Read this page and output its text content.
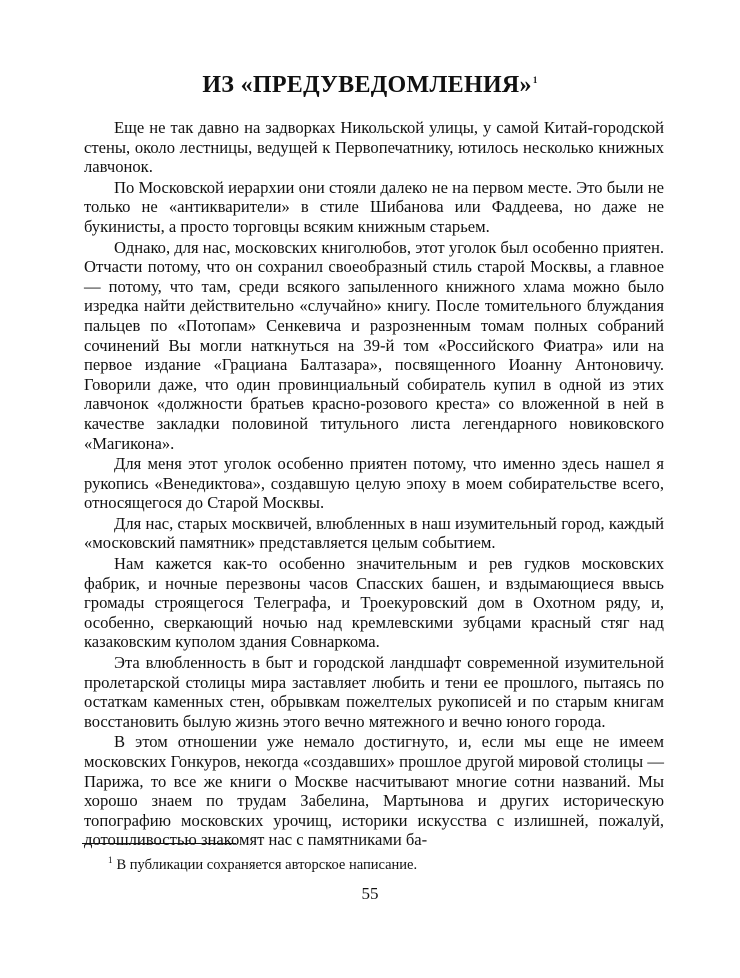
ИЗ «ПРЕДУВЕДОМЛЕНИЯ»$^1$

Еще не так давно на задворках Никольской улицы, у самой Китай-городской стены, около лестницы, ведущей к Первопечатнику, ютилось несколько книжных лавчонок.

По Московской иерархии они стояли далеко не на первом месте. Это были не только не «антикварители» в стиле Шибанова или Фаддеева, но даже не букинисты, а просто торговцы всяким книжным старьем.

Однако, для нас, московских книголюбов, этот уголок был особенно приятен. Отчасти потому, что он сохранил своеобразный стиль старой Москвы, а главное — потому, что там, среди всякого запыленного книжного хлама можно было изредка найти действительно «случайно» книгу. После томительного блуждания пальцев по «Потопам» Сенкевича и разрозненным томам полных собраний сочинений Вы могли наткнуться на 39-й том «Российского Фиатра» или на первое издание «Грациана Балтазара», посвященного Иоанну Антоновичу. Говорили даже, что один провинциальный собиратель купил в одной из этих лавчонок «должности братьев красно-розового креста» со вложенной в ней в качестве закладки половиной титульного листа легендарного новиковского «Магикона».

Для меня этот уголок особенно приятен потому, что именно здесь нашел я рукопись «Венедиктова», создавшую целую эпоху в моем собирательстве всего, относящегося до Старой Москвы.

Для нас, старых москвичей, влюбленных в наш изумительный город, каждый «московский памятник» представляется целым событием.

Нам кажется как-то особенно значительным и рев гудков московских фабрик, и ночные перезвоны часов Спасских башен, и вздымающиеся ввысь громады строящегося Телеграфа, и Троекуровский дом в Охотном ряду, и, особенно, сверкающий ночью над кремлевскими зубцами красный стяг над казаковским куполом здания Совнаркома.

Эта влюбленность в быт и городской ландшафт современной изумительной пролетарской столицы мира заставляет любить и тени ее прошлого, пытаясь по остаткам каменных стен, обрывкам пожелтелых рукописей и по старым книгам восстановить былую жизнь этого вечно мятежного и вечно юного города.

В этом отношении уже немало достигнуто, и, если мы еще не имеем московских Гонкуров, некогда «создавших» прошлое другой мировой столицы — Парижа, то все же книги о Москве насчитывают многие сотни названий. Мы хорошо знаем по трудам Забелина, Мартынова и других историческую топографию московских урочищ, историки искусства с излишней, пожалуй, дотошливостью знакомят нас с памятниками ба-

$^1$ В публикации сохраняется авторское написание.
55
